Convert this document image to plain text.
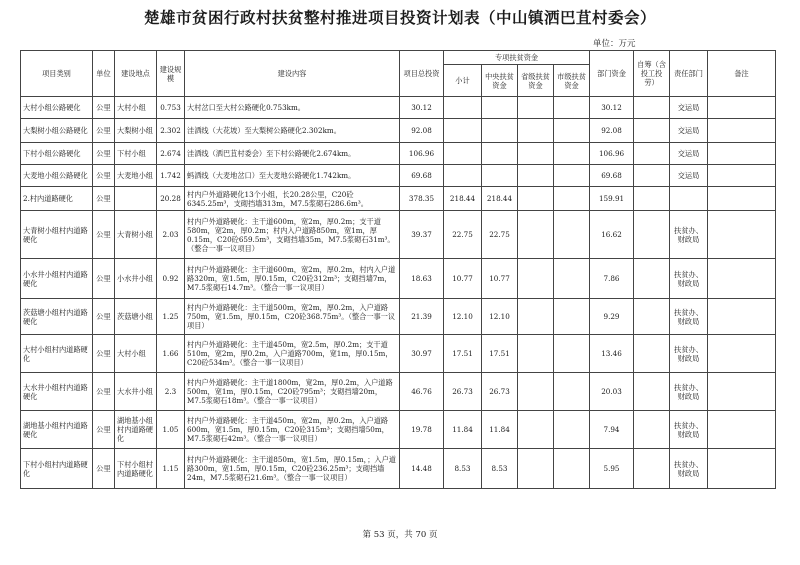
楚雄市贫困行政村扶贫整村推进项目投资计划表（中山镇洒巴苴村委会）
单位：万元
项目类别	单位	建设地点	建设规模	建设内容	项目总投资	专项扶贫资金				部门资金	自筹（含投工投劳）	责任部门	备注
						小计	中央扶贫资金	省级扶贫资金	市级扶贫资金				
大村小组公路硬化	公里	大村小组	0.753	大村岔口至大村公路硬化0.753km。	30.12					30.12		交运局	
大梨树小组公路硬化	公里	大梨树小组	2.302	洼洒线（大花坡）至大梨树公路硬化2.302km。	92.08					92.08		交运局	
下村小组公路硬化	公里	下村小组	2.674	洼洒线（洒巴苴村委会）至下村公路硬化2.674km。	106.96					106.96		交运局	
大麦地小组公路硬化	公里	大麦地小组	1.742	蚂洒线（大麦地岔口）至大麦地公路硬化1.742km。	69.68					69.68		交运局	
2.村内道路硬化	公里		20.28	村内户外道路硬化13个小组，长20.28公里，C20砼6345.25m³，支砌挡墙313m，M7.5浆砌石286.6m³。	378.35	218.44	218.44			159.91			
大青树小组村内道路硬化	公里	大青树小组	2.03	村内户外道路硬化：主干道600m，宽2m，厚0.2m；支干道580m，宽2m，厚0.2m；村内入户道路850m，宽1m，厚0.15m，C20砼659.5m³，支砌挡墙35m，M7.5浆砌石31m³。（整合一事一议项目）	39.37	22.75	22.75			16.62		扶贫办、财政局	
小水井小组村内道路硬化	公里	小水井小组	0.92	村内户外道路硬化：主干道600m，宽2m，厚0.2m，村内入户道路320m，宽1.5m，厚0.15m，C20砼312m³；支砌挡墙7m，M7.5浆砌石14.7m³。（整合一事一议项目）	18.63	10.77	10.77			7.86		扶贫办、财政局	
茨菇塘小组村内道路硬化	公里	茨菇塘小组	1.25	村内户外道路硬化：主干道500m，宽2m，厚0.2m，入户道路750m，宽1.5m，厚0.15m，C20砼368.75m³。（整合一事一议项目）	21.39	12.10	12.10			9.29		扶贫办、财政局	
大村小组村内道路硬化	公里	大村小组	1.66	村内户外道路硬化：主干道450m，宽2.5m，厚0.2m；支干道510m，宽2m，厚0.2m，入户道路700m，宽1m，厚0.15m，C20砼534m³。（整合一事一议项目）	30.97	17.51	17.51			13.46		扶贫办、财政局	
大水井小组村内道路硬化	公里	大水井小组	2.3	村内户外道路硬化：主干道1800m，宽2m，厚0.2m，入户道路500m，宽1m，厚0.15m，C20砼795m³；支砌挡墙20m，M7.5浆砌石18m³。（整合一事一议项目）	46.76	26.73	26.73			20.03		扶贫办、财政局	
湖地基小组村内道路硬化	公里	湖地基小组村内道路硬化	1.05	村内户外道路硬化：主干道450m，宽2m，厚0.2m，入户道路600m，宽1.5m，厚0.15m，C20砼315m³；支砌挡墙50m，M7.5浆砌石42m³。（整合一事一议项目）	19.78	11.84	11.84			7.94		扶贫办、财政局	
下村小组村内道路硬化	公里	下村小组村内道路硬化	1.15	村内户外道路硬化：主干道850m，宽1.5m，厚0.15m，；入户道路300m，宽1.5m，厚0.15m，C20砼236.25m³；支砌挡墙24m，M7.5浆砌石21.6m³。（整合一事一议项目）	14.48	8.53	8.53			5.95		扶贫办、财政局	
第 53 页，共 70 页
